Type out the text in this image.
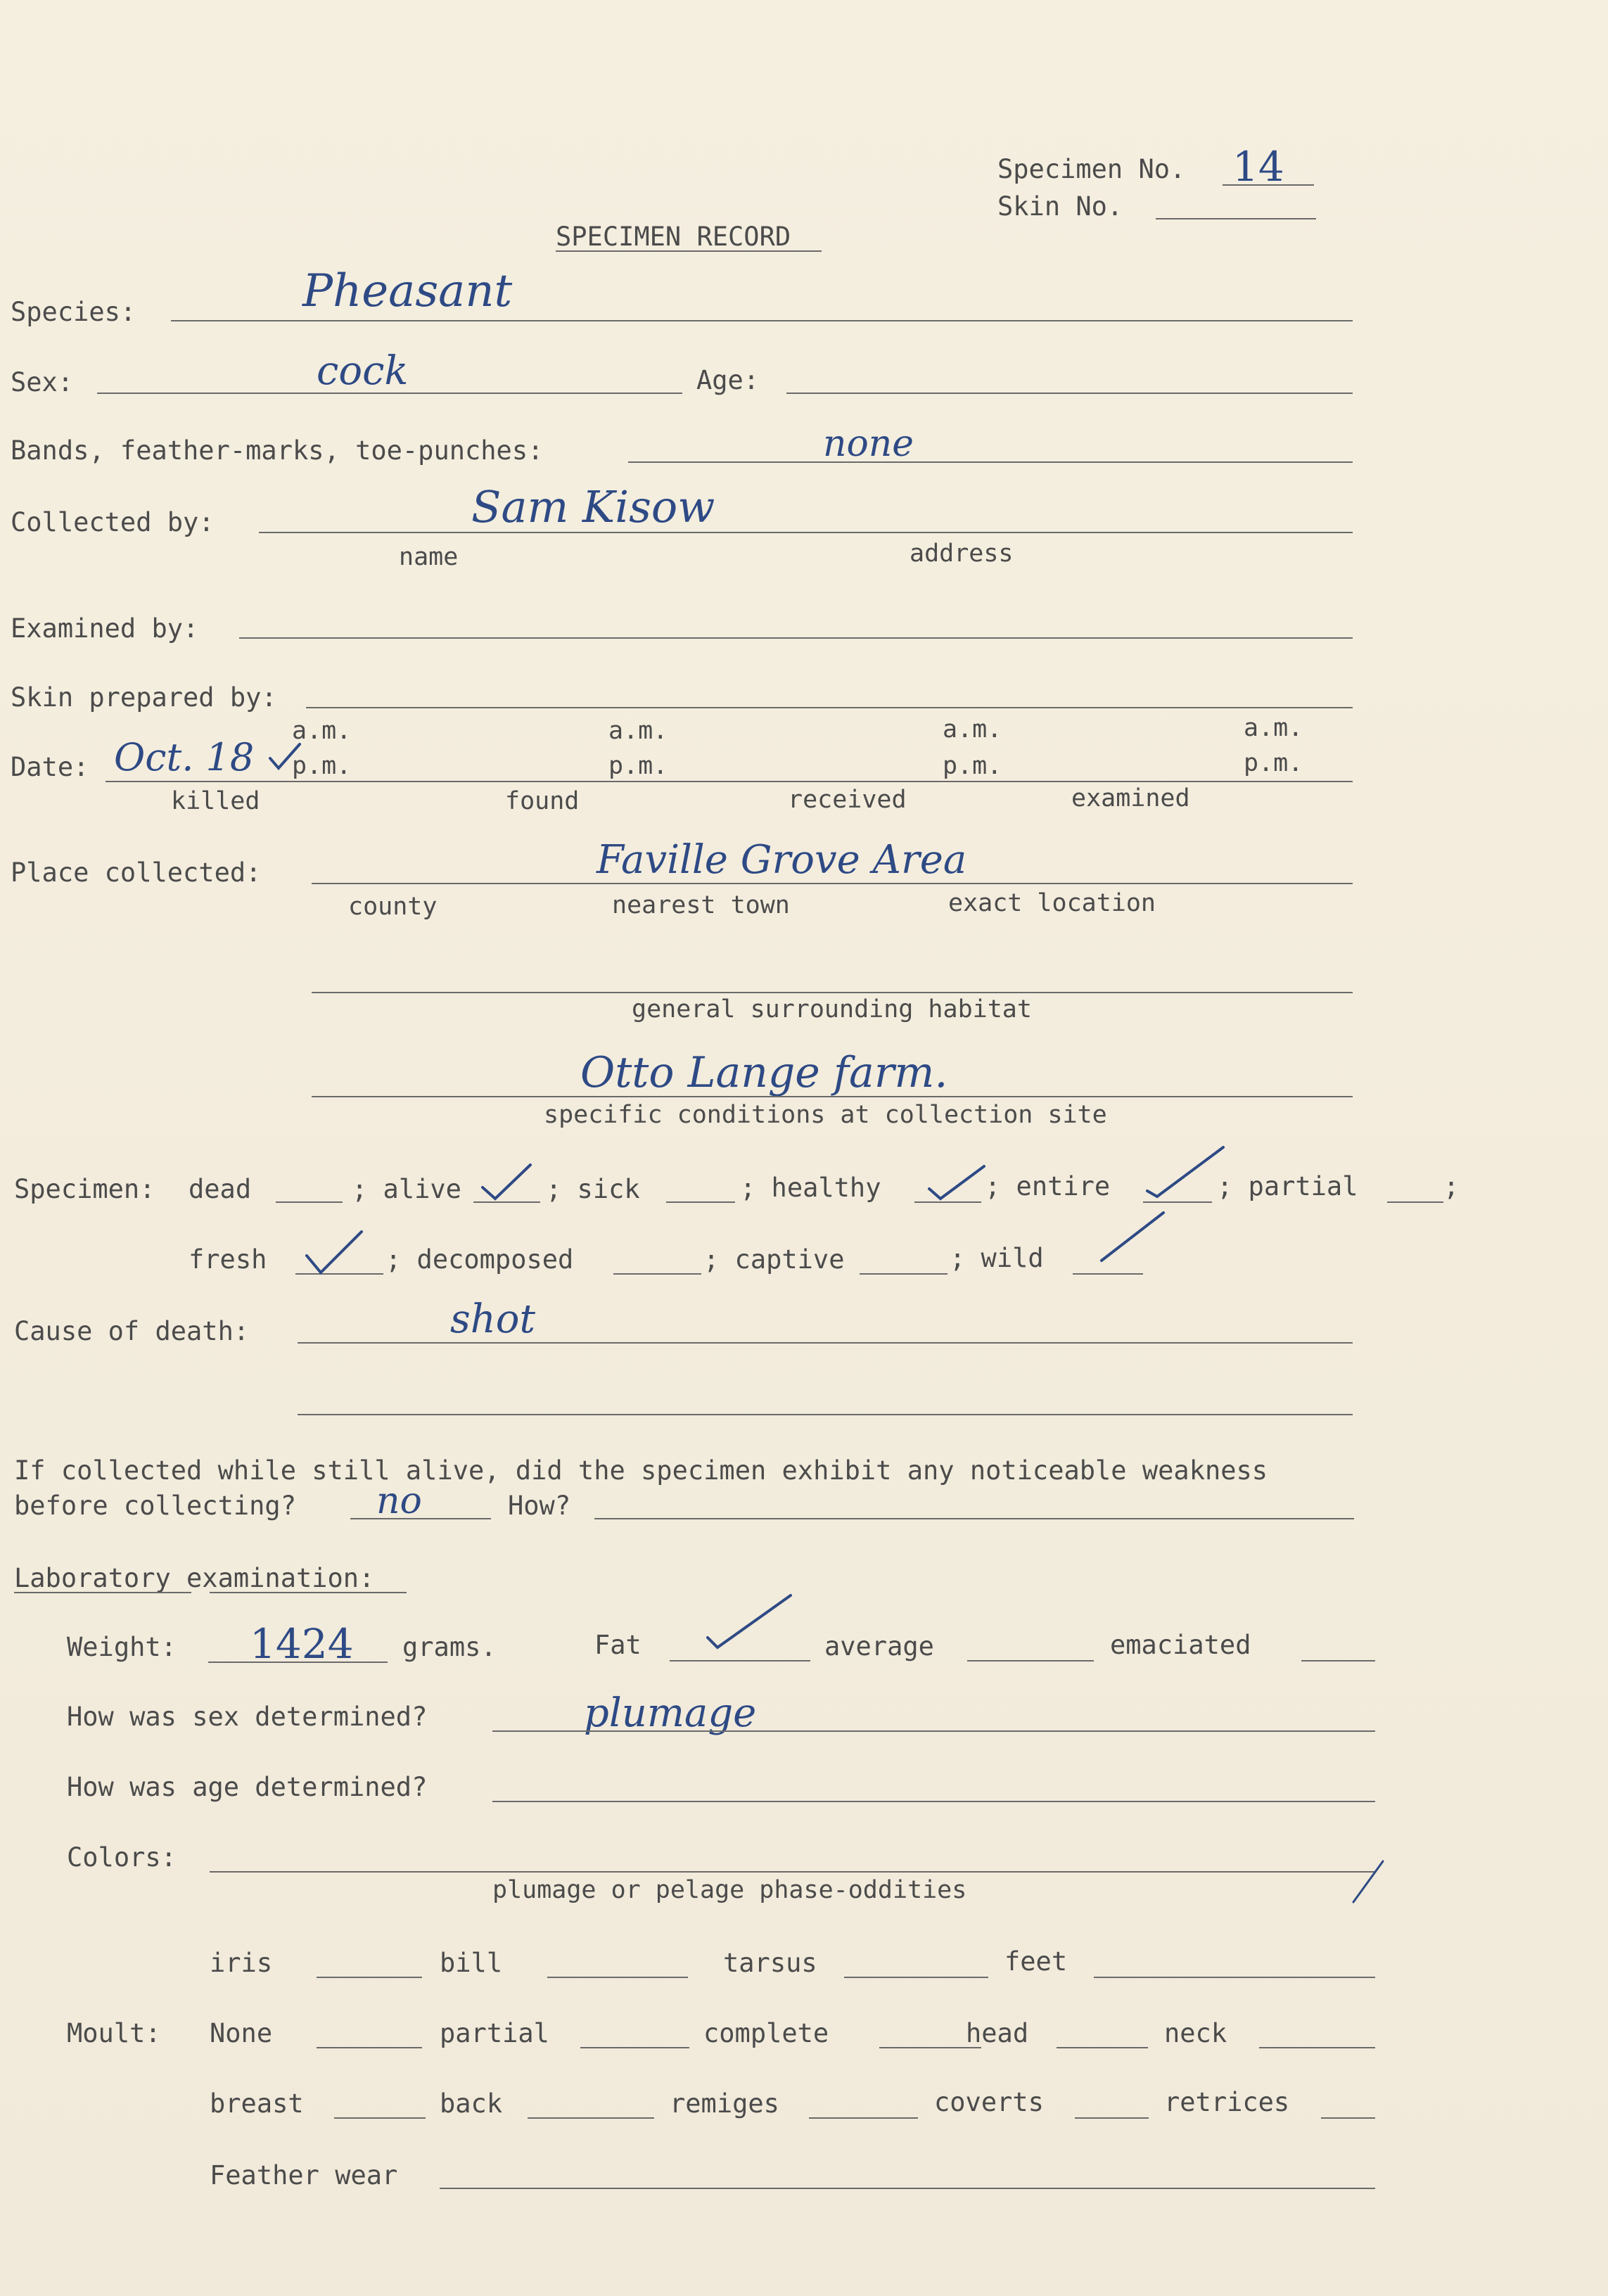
Specimen No. 14
Skin No.
SPECIMEN RECORD
Species:	Pheasant
Sex:	cock	Age:
Bands, feather-marks, toe-punches:	none
Collected by:	Sam Kisow
name	address
Examined by:
Skin prepared by:
a.m.	a.m.	a.m.	a.m.
Date: Oct. 18 p.m.	p.m.	p.m.	p.m.
killed	found	received	examined
Place collected:	Faville Grove Area
county	nearest town	exact location
general surrounding habitat
Otto Lange farm.
specific conditions at collection site
Specimen: dead	; alive	; sick	; healthy	; entire	; partial	;
fresh	; decomposed	; captive	; wild
Cause of death:	shot
If collected while still alive, did the specimen exhibit any noticeable weakness
before collecting? no	How?
Laboratory examination:
Weight: 1424 grams.	Fat	average	emaciated
How was sex determined?	plumage
How was age determined?
Colors:
plumage or pelage phase-oddities
iris	bill	tarsus	feet
Moult: None	partial	complete	head	neck
breast	back	remiges	coverts	retrices
Feather wear
